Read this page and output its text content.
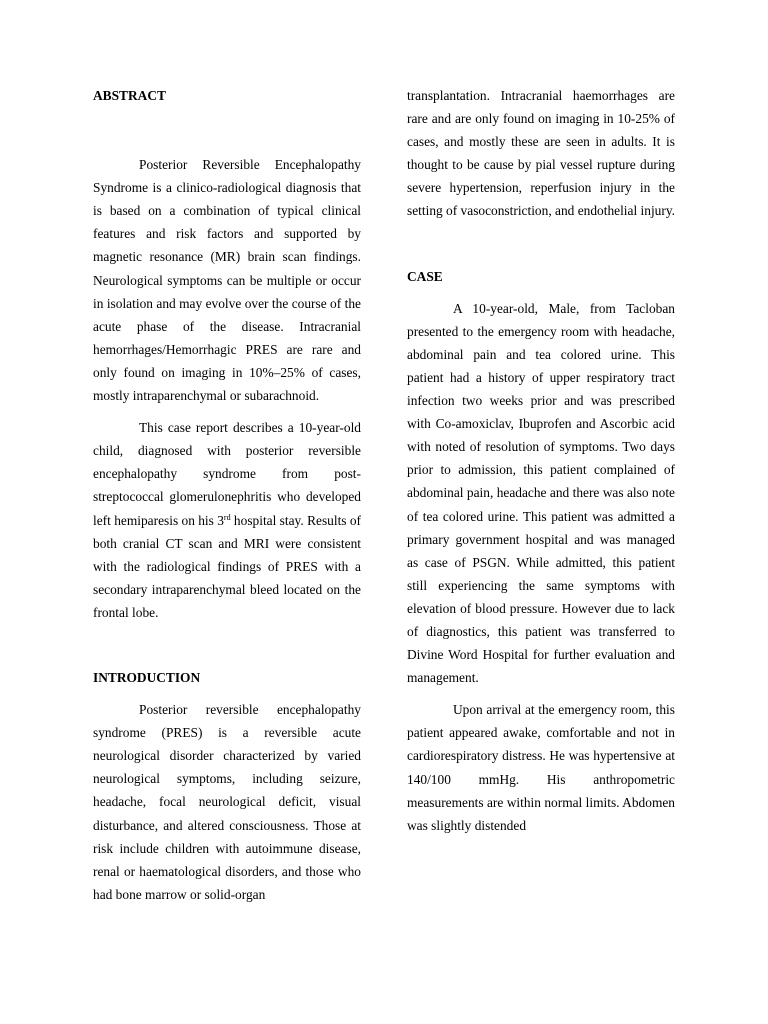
ABSTRACT

Posterior Reversible Encephalopathy Syndrome is a clinico-radiological diagnosis that is based on a combination of typical clinical features and risk factors and supported by magnetic resonance (MR) brain scan findings. Neurological symptoms can be multiple or occur in isolation and may evolve over the course of the acute phase of the disease. Intracranial hemorrhages/Hemorrhagic PRES are rare and only found on imaging in 10%–25% of cases, mostly intraparenchymal or subarachnoid.

This case report describes a 10-year-old child, diagnosed with posterior reversible encephalopathy syndrome from post-streptococcal glomerulonephritis who developed left hemiparesis on his 3rd hospital stay. Results of both cranial CT scan and MRI were consistent with the radiological findings of PRES with a secondary intraparenchymal bleed located on the frontal lobe.

INTRODUCTION

Posterior reversible encephalopathy syndrome (PRES) is a reversible acute neurological disorder characterized by varied neurological symptoms, including seizure, headache, focal neurological deficit, visual disturbance, and altered consciousness. Those at risk include children with autoimmune disease, renal or haematological disorders, and those who had bone marrow or solid-organ

transplantation. Intracranial haemorrhages are rare and are only found on imaging in 10-25% of cases, and mostly these are seen in adults. It is thought to be cause by pial vessel rupture during severe hypertension, reperfusion injury in the setting of vasoconstriction, and endothelial injury.

CASE

A 10-year-old, Male, from Tacloban presented to the emergency room with headache, abdominal pain and tea colored urine. This patient had a history of upper respiratory tract infection two weeks prior and was prescribed with Co-amoxiclav, Ibuprofen and Ascorbic acid with noted of resolution of symptoms. Two days prior to admission, this patient complained of abdominal pain, headache and there was also note of tea colored urine. This patient was admitted a primary government hospital and was managed as case of PSGN. While admitted, this patient still experiencing the same symptoms with elevation of blood pressure. However due to lack of diagnostics, this patient was transferred to Divine Word Hospital for further evaluation and management.

Upon arrival at the emergency room, this patient appeared awake, comfortable and not in cardiorespiratory distress. He was hypertensive at 140/100 mmHg. His anthropometric measurements are within normal limits. Abdomen was slightly distended
